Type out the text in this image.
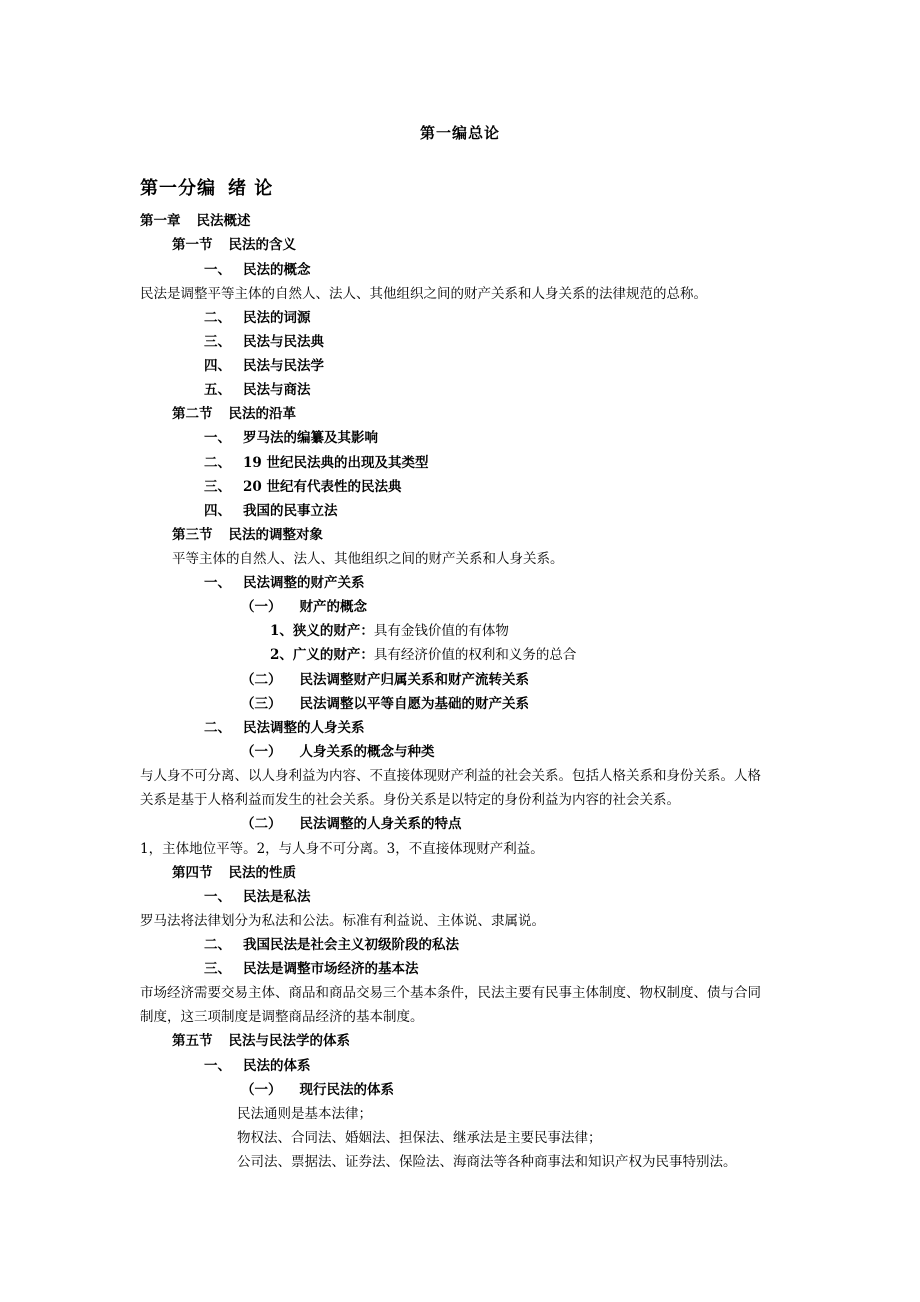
第一编总论
第一分编 绪 论
第一章 民法概述
第一节 民法的含义
一、 民法的概念
民法是调整平等主体的自然人、法人、其他组织之间的财产关系和人身关系的法律规范的总称。
二、 民法的词源
三、 民法与民法典
四、 民法与民法学
五、 民法与商法
第二节 民法的沿革
一、 罗马法的编纂及其影响
二、 19 世纪民法典的出现及其类型
三、 20 世纪有代表性的民法典
四、 我国的民事立法
第三节 民法的调整对象
平等主体的自然人、法人、其他组织之间的财产关系和人身关系。
一、 民法调整的财产关系
（一） 财产的概念
1、狭义的财产：具有金钱价值的有体物
2、广义的财产：具有经济价值的权利和义务的总合
（二） 民法调整财产归属关系和财产流转关系
（三） 民法调整以平等自愿为基础的财产关系
二、 民法调整的人身关系
（一） 人身关系的概念与种类
与人身不可分离、以人身利益为内容、不直接体现财产利益的社会关系。包括人格关系和身份关系。人格
关系是基于人格利益而发生的社会关系。身份关系是以特定的身份利益为内容的社会关系。
（二） 民法调整的人身关系的特点
1，主体地位平等。2，与人身不可分离。3，不直接体现财产利益。
第四节 民法的性质
一、 民法是私法
罗马法将法律划分为私法和公法。标准有利益说、主体说、隶属说。
二、 我国民法是社会主义初级阶段的私法
三、 民法是调整市场经济的基本法
市场经济需要交易主体、商品和商品交易三个基本条件，民法主要有民事主体制度、物权制度、债与合同
制度，这三项制度是调整商品经济的基本制度。
第五节 民法与民法学的体系
一、 民法的体系
（一） 现行民法的体系
民法通则是基本法律；
物权法、合同法、婚姻法、担保法、继承法是主要民事法律；
公司法、票据法、证券法、保险法、海商法等各种商事法和知识产权为民事特别法。
